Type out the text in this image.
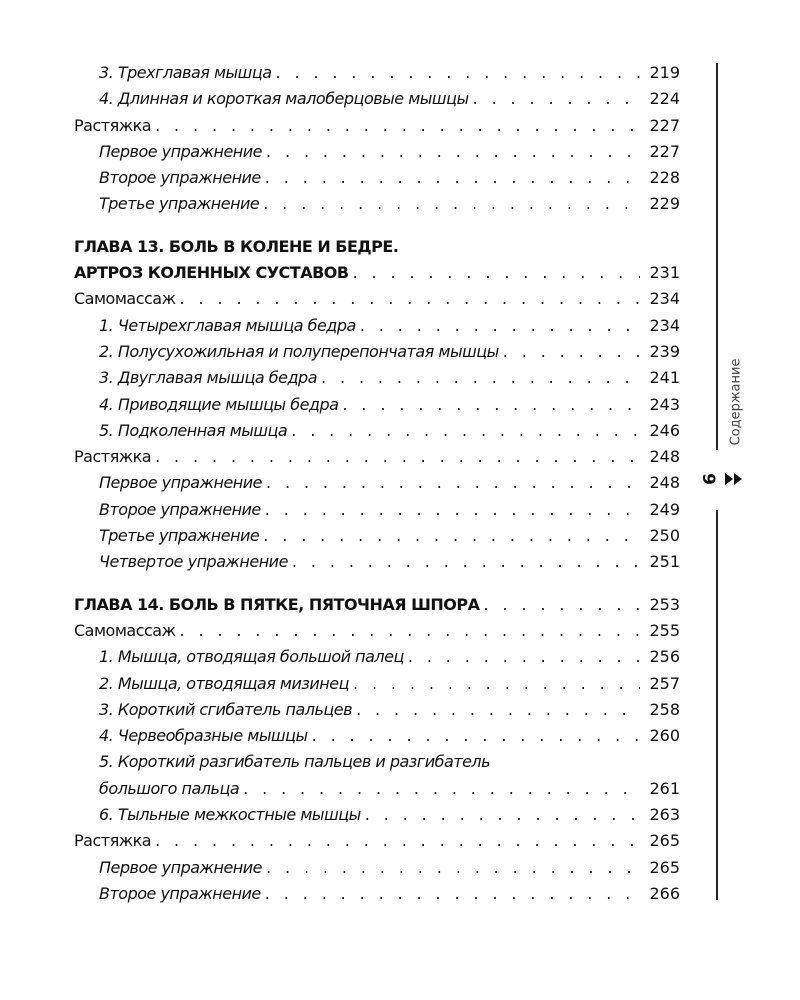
3. Трехглавая мышца . . .	219
4. Длинная и короткая малоберцовые мышцы . . .	224
Растяжка . . .	227
Первое упражнение . . .	227
Второе упражнение . . .	228
Третье упражнение . . .	229
ГЛАВА 13. БОЛЬ В КОЛЕНЕ И БЕДРЕ.
АРТРОЗ КОЛЕННЫХ СУСТАВОВ . . .	231
Самомассаж . . .	234
1. Четырехглавая мышца бедра . . .	234
2. Полусухожильная и полуперепончатая мышцы . . .	239
3. Двуглавая мышца бедра . . .	241
4. Приводящие мышцы бедра . . .	243
5. Подколенная мышца . . .	246
Растяжка . . .	248
Первое упражнение . . .	248
Второе упражнение . . .	249
Третье упражнение . . .	250
Четвертое упражнение . . .	251
ГЛАВА 14. БОЛЬ В ПЯТКЕ, ПЯТОЧНАЯ ШПОРА . . .	253
Самомассаж . . .	255
1. Мышца, отводящая большой палец . . .	256
2. Мышца, отводящая мизинец . . .	257
3. Короткий сгибатель пальцев . . .	258
4. Червеобразные мышцы . . .	260
5. Короткий разгибатель пальцев и разгибатель
большого пальца . . .	261
6. Тыльные межкостные мышцы . . .	263
Растяжка . . .	265
Первое упражнение . . .	265
Второе упражнение . . .	266
Содержание
9
